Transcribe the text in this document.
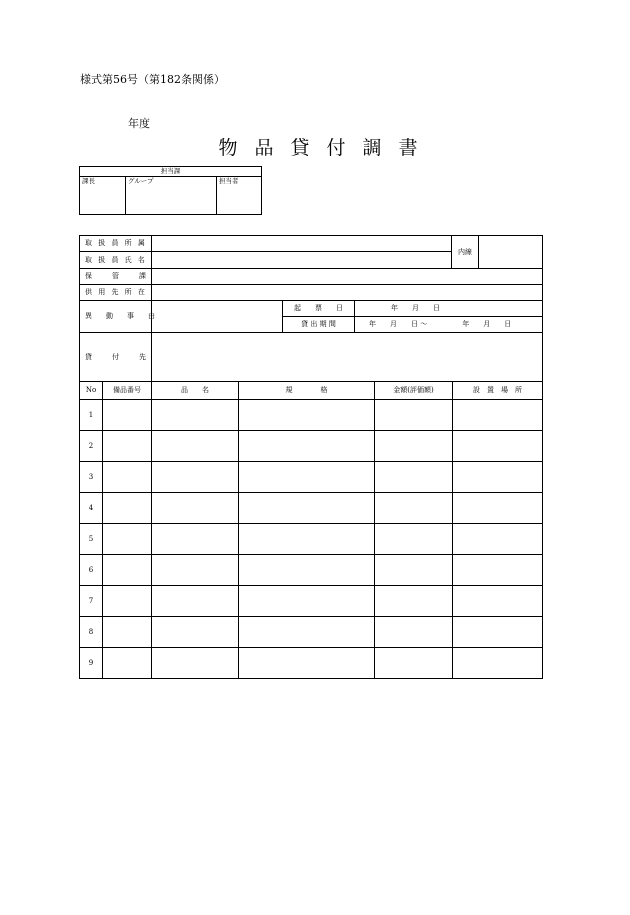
様式第56号（第182条関係）
年度
物 品 貸 付 調 書
担当課

課長	グループ	担当者
取 扱 員 所 属				内線	
取 扱 員 氏 名					
保　　管　　課					
供 用 先 所 在					
異　　動　　事　　由		起　　票　　日	年　　月　　日		
		貸 出 期 間	年　　月　　日 〜　　　　　年　　月　　日		
貸　　付　　先					
No	備品番号	品　　名	規　　　　格	金額(評価額)	設　置　場　所
1					
2					
3					
4					
5					
6					
7					
8					
9					
